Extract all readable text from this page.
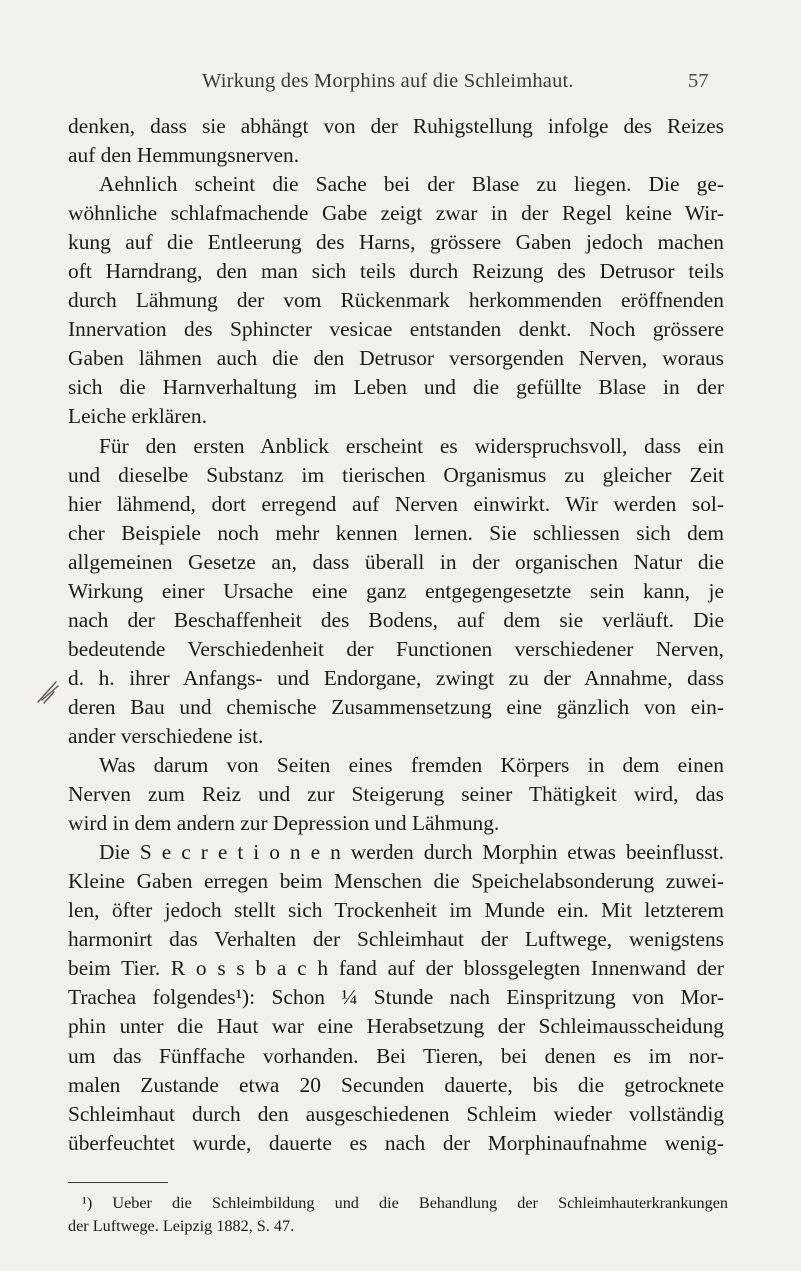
Wirkung des Morphins auf die Schleimhaut.	57
denken, dass sie abhängt von der Ruhigstellung infolge des Reizes
auf den Hemmungsnerven.
Aehnlich scheint die Sache bei der Blase zu liegen. Die ge-
wöhnliche schlafmachende Gabe zeigt zwar in der Regel keine Wir-
kung auf die Entleerung des Harns, grössere Gaben jedoch machen
oft Harndrang, den man sich teils durch Reizung des Detrusor teils
durch Lähmung der vom Rückenmark herkommenden eröffnenden
Innervation des Sphincter vesicae entstanden denkt. Noch grössere
Gaben lähmen auch die den Detrusor versorgenden Nerven, woraus
sich die Harnverhaltung im Leben und die gefüllte Blase in der
Leiche erklären.
Für den ersten Anblick erscheint es widerspruchsvoll, dass ein
und dieselbe Substanz im tierischen Organismus zu gleicher Zeit
hier lähmend, dort erregend auf Nerven einwirkt. Wir werden sol-
cher Beispiele noch mehr kennen lernen. Sie schliessen sich dem
allgemeinen Gesetze an, dass überall in der organischen Natur die
Wirkung einer Ursache eine ganz entgegengesetzte sein kann, je
nach der Beschaffenheit des Bodens, auf dem sie verläuft. Die
bedeutende Verschiedenheit der Functionen verschiedener Nerven,
d. h. ihrer Anfangs- und Endorgane, zwingt zu der Annahme, dass
deren Bau und chemische Zusammensetzung eine gänzlich von ein-
ander verschiedene ist.
Was darum von Seiten eines fremden Körpers in dem einen
Nerven zum Reiz und zur Steigerung seiner Thätigkeit wird, das
wird in dem andern zur Depression und Lähmung.
Die S e c r e t i o n e n werden durch Morphin etwas beeinflusst.
Kleine Gaben erregen beim Menschen die Speichelabsonderung zuwei-
len, öfter jedoch stellt sich Trockenheit im Munde ein. Mit letzterem
harmonirt das Verhalten der Schleimhaut der Luftwege, wenigstens
beim Tier. R o s s b a c h fand auf der blossgelegten Innenwand der
Trachea folgendes¹): Schon ¼ Stunde nach Einspritzung von Mor-
phin unter die Haut war eine Herabsetzung der Schleimausscheidung
um das Fünffache vorhanden. Bei Tieren, bei denen es im nor-
malen Zustande etwa 20 Secunden dauerte, bis die getrocknete
Schleimhaut durch den ausgeschiedenen Schleim wieder vollständig
überfeuchtet wurde, dauerte es nach der Morphinaufnahme wenig-
¹) Ueber die Schleimbildung und die Behandlung der Schleimhauterkrankungen
der Luftwege. Leipzig 1882, S. 47.
